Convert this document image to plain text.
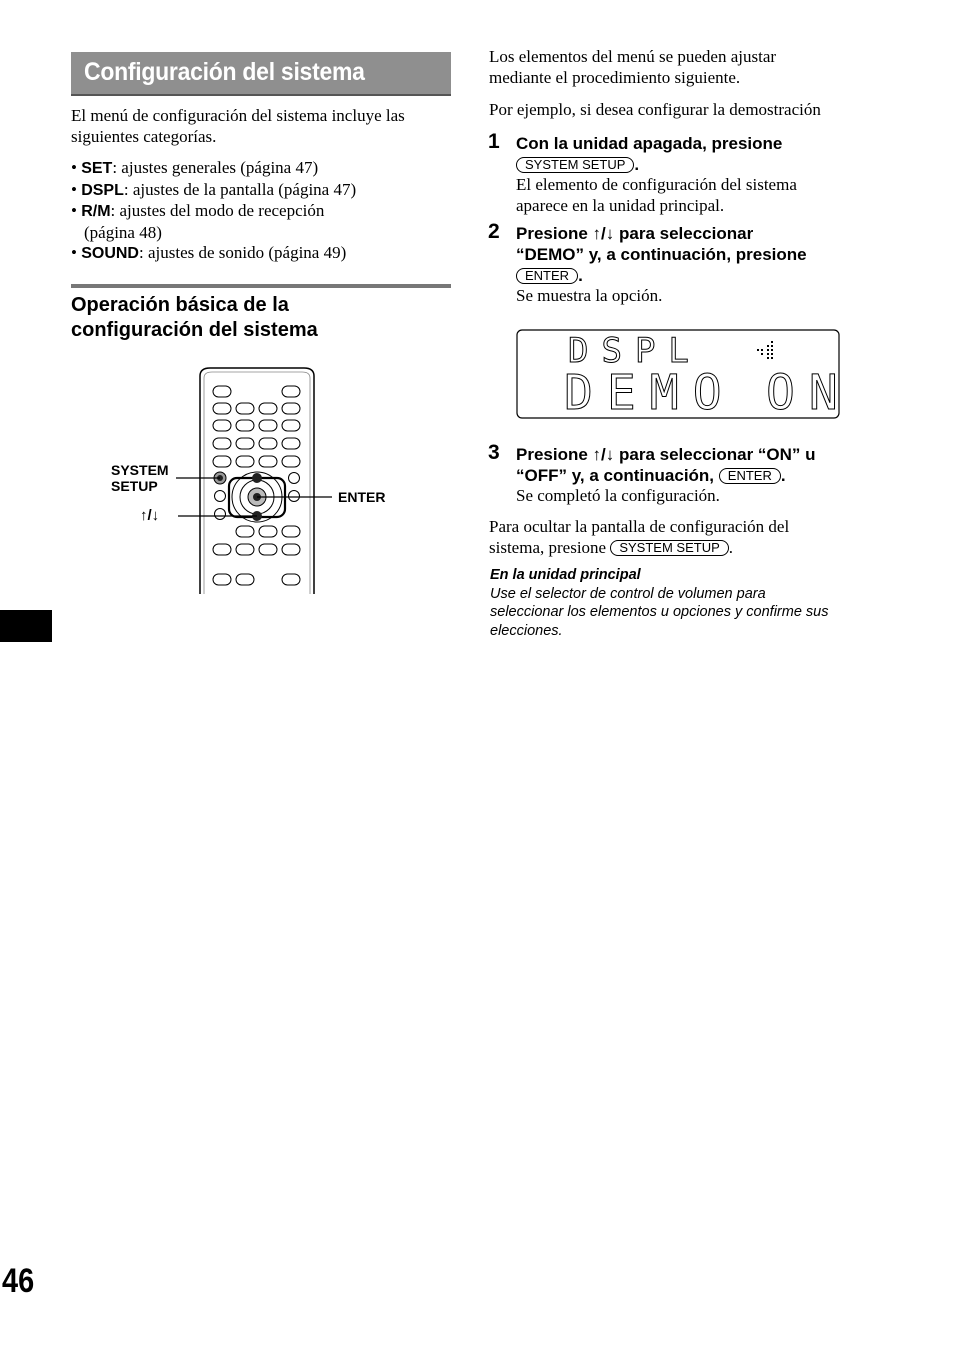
Configuración del sistema
El menú de configuración del sistema incluye las siguientes categorías.
• SET: ajustes generales (página 47)
• DSPL: ajustes de la pantalla (página 47)
• R/M: ajustes del modo de recepción
(página 48)
• SOUND: ajustes de sonido (página 49)
Operación básica de la
configuración del sistema
SYSTEM
SETUP
↑/↓
ENTER
Los elementos del menú se pueden ajustar
mediante el procedimiento siguiente.
Por ejemplo, si desea configurar la demostración
1 Con la unidad apagada, presione
SYSTEM SETUP .
El elemento de configuración del sistema
aparece en la unidad principal.
2 Presione ↑/↓ para seleccionar
“DEMO” y, a continuación, presione
ENTER .
Se muestra la opción.
DSPL
DEMO ON
3 Presione ↑/↓ para seleccionar “ON” u
“OFF” y, a continuación, ENTER .
Se completó la configuración.
Para ocultar la pantalla de configuración del
sistema, presione SYSTEM SETUP .
En la unidad principal
Use el selector de control de volumen para
seleccionar los elementos u opciones y confirme sus
elecciones.
46
